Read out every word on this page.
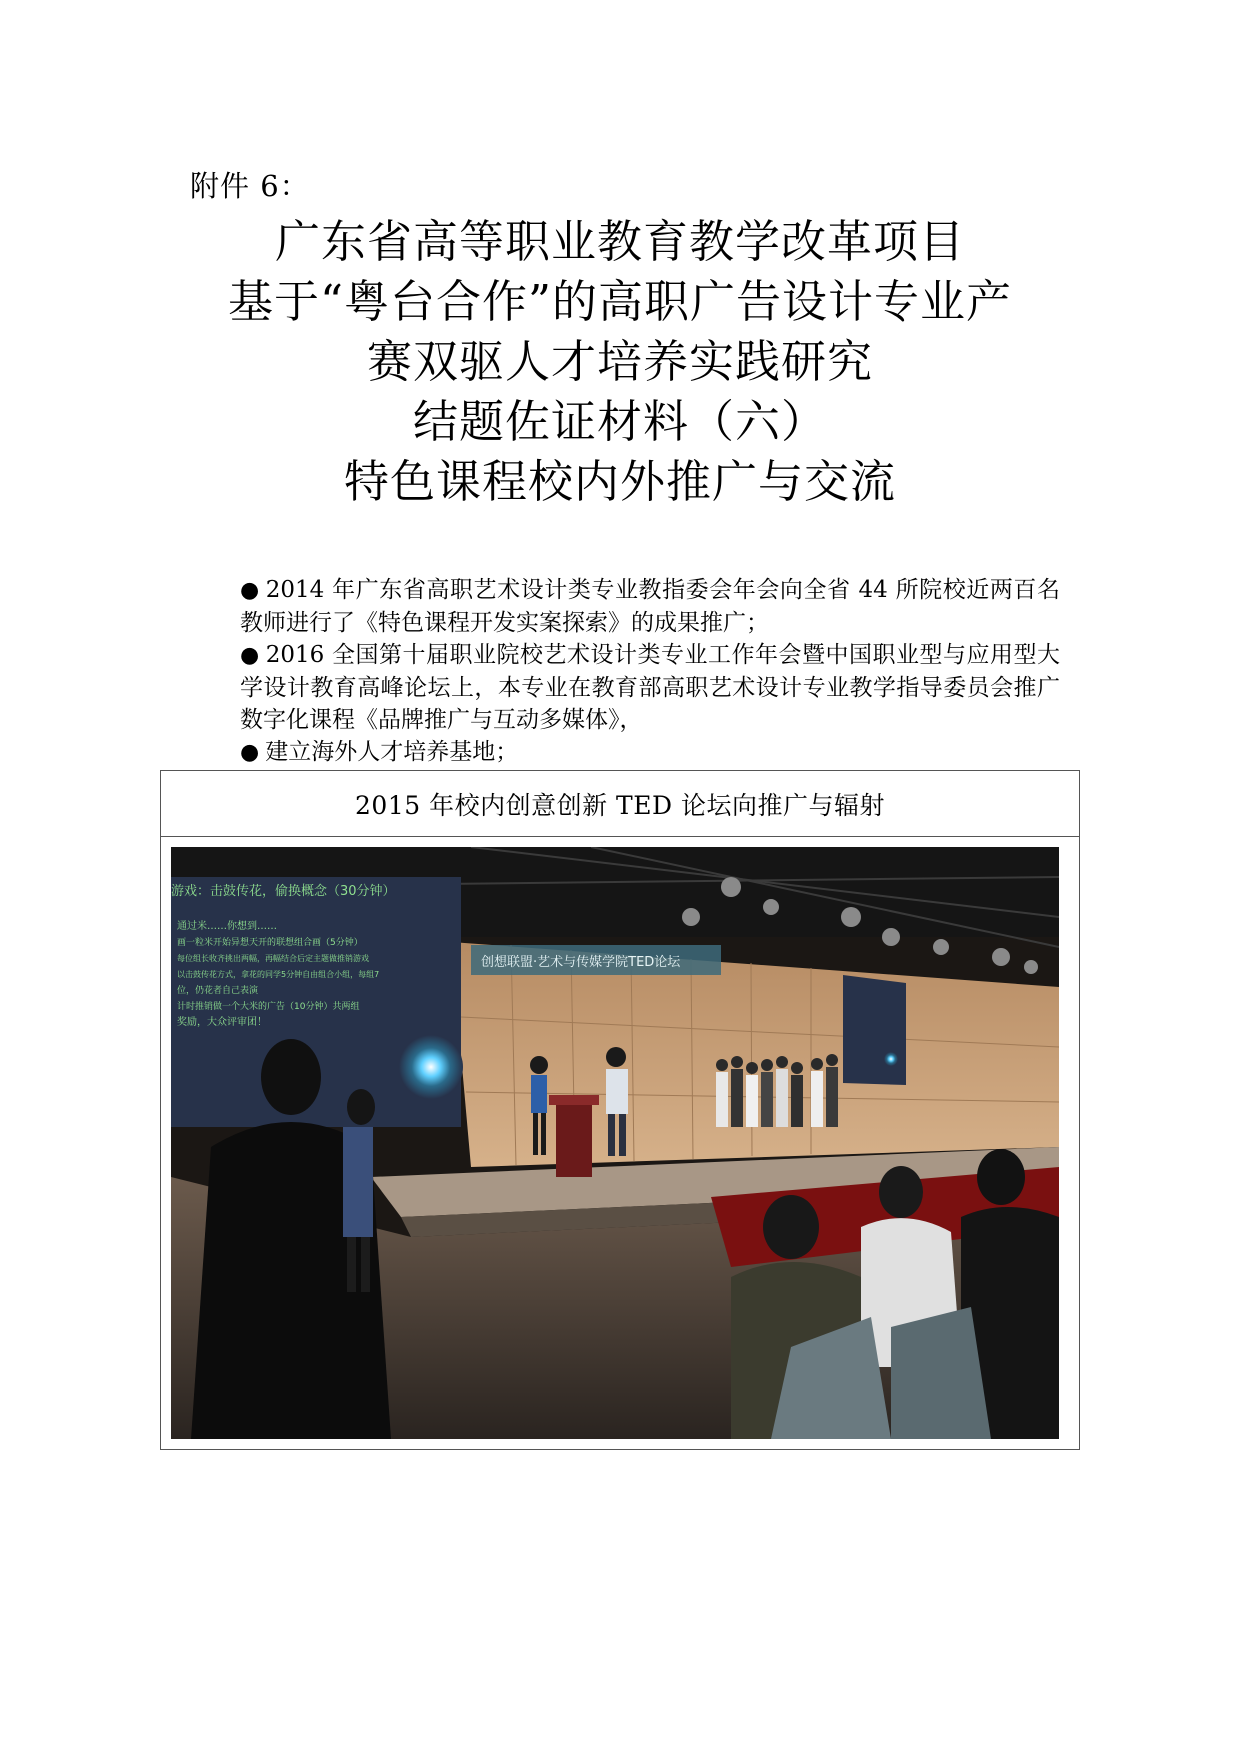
附件 6：
广东省高等职业教育教学改革项目
基于“粤台合作”的高职广告设计专业产
赛双驱人才培养实践研究
结题佐证材料（六）
特色课程校内外推广与交流
● 2014 年广东省高职艺术设计类专业教指委会年会向全省 44 所院校近两百名教师进行了《特色课程开发实案探索》的成果推广；
● 2016 全国第十届职业院校艺术设计类专业工作年会暨中国职业型与应用型大学设计教育高峰论坛上，本专业在教育部高职艺术设计专业教学指导委员会推广数字化课程《品牌推广与互动多媒体》，
● 建立海外人才培养基地；
2015 年校内创意创新 TED 论坛向推广与辐射
创想联盟·艺术与传媒学院TED论坛
游戏：击鼓传花，偷换概念（30分钟）
通过米……你想到……
画一粒米开始异想天开的联想组合画（5分钟）
每位组长收齐挑出两幅，再幅结合后定主题做推销游戏
以击鼓传花方式，拿花的同学5分钟自由组合小组，每组7
位，仍花者自己表演
计时推销做一个大米的广告（10分钟）共两组
奖励，大众评审团！
